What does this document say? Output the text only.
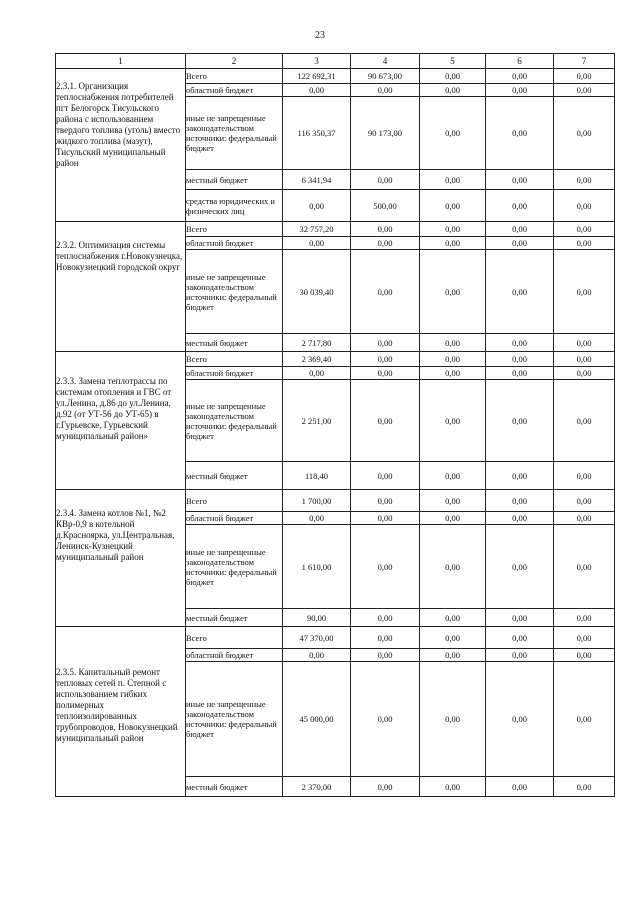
23
1	2	3	4	5	6	7

2.3.1. Организация теплоснабжения потребителей пгт Белогорск Тисульского района с использованием твердого топлива (уголь) вместо жидкого топлива (мазут), Тисульский муниципальный район	Всего	122 692,31	90 673,00	0,00	0,00	0,00
	областной бюджет	0,00	0,00	0,00	0,00	0,00
	иные не запрещенные законодательством источники: федеральный бюджет	116 350,37	90 173,00	0,00	0,00	0,00
	местный бюджет	6 341,94	0,00	0,00	0,00	0,00
	средства юридических и физических лиц	0,00	500,00	0,00	0,00	0,00

2.3.2. Оптимизация системы теплоснабжения г.Новокузнецка, Новокузнецкий городской округ	Всего	32 757,20	0,00	0,00	0,00	0,00
	областной бюджет	0,00	0,00	0,00	0,00	0,00
	иные не запрещенные законодательством источники: федеральный бюджет	30 039,40	0,00	0,00	0,00	0,00
	местный бюджет	2 717,80	0,00	0,00	0,00	0,00

2.3.3. Замена теплотрассы по системам отопления и ГВС от ул.Ленина, д.86 до ул.Ленина, д.92 (от УТ-56 до УТ-65) в г.Гурьевске, Гурьевский муниципальный район»	Всего	2 369,40	0,00	0,00	0,00	0,00
	областной бюджет	0,00	0,00	0,00	0,00	0,00
	иные не запрещенные законодательством источники: федеральный бюджет	2 251,00	0,00	0,00	0,00	0,00
	местный бюджет	118,40	0,00	0,00	0,00	0,00

2.3.4. Замена котлов №1, №2 КВр-0,9 в котельной д.Красноярка, ул.Центральная, Ленинск-Кузнецкий муниципальный район	Всего	1 700,00	0,00	0,00	0,00	0,00
	областной бюджет	0,00	0,00	0,00	0,00	0,00
	иные не запрещенные законодательством источники: федеральный бюджет	1 610,00	0,00	0,00	0,00	0,00
	местный бюджет	90,00	0,00	0,00	0,00	0,00

2.3.5. Капитальный ремонт тепловых сетей п. Степной с использованием гибких полимерных теплоизолированных трубопроводов, Новокузнецкий муниципальный район	Всего	47 370,00	0,00	0,00	0,00	0,00
	областной бюджет	0,00	0,00	0,00	0,00	0,00
	иные не запрещенные законодательством источники: федеральный бюджет	45 000,00	0,00	0,00	0,00	0,00
	местный бюджет	2 370,00	0,00	0,00	0,00	0,00
